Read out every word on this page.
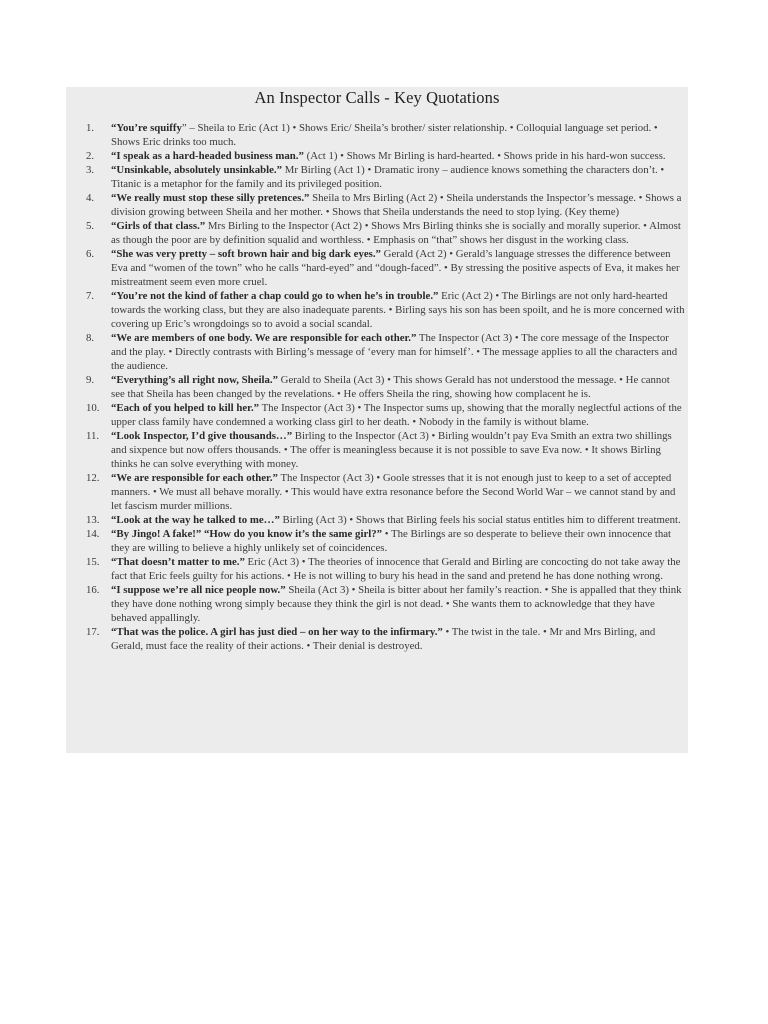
An Inspector Calls - Key Quotations
1.	“You’re squiffy” – Sheila to Eric (Act 1) • Shows Eric/ Sheila’s brother/ sister relationship. • Colloquial language set period. • Shows Eric drinks too much.
2.	“I speak as a hard-headed business man.” (Act 1) • Shows Mr Birling is hard-hearted. • Shows pride in his hard-won success.
3.	“Unsinkable, absolutely unsinkable.” Mr Birling (Act 1) • Dramatic irony – audience knows something the characters don’t. • Titanic is a metaphor for the family and its privileged position.
4.	“We really must stop these silly pretences.” Sheila to Mrs Birling (Act 2) • Sheila understands the Inspector’s message. • Shows a division growing between Sheila and her mother. • Shows that Sheila understands the need to stop lying. (Key theme)
5.	“Girls of that class.” Mrs Birling to the Inspector (Act 2) • Shows Mrs Birling thinks she is socially and morally superior. • Almost as though the poor are by definition squalid and worthless. • Emphasis on “that” shows her disgust in the working class.
6.	“She was very pretty – soft brown hair and big dark eyes.” Gerald (Act 2) • Gerald’s language stresses the difference between Eva and “women of the town” who he calls “hard-eyed” and “dough-faced”. • By stressing the positive aspects of Eva, it makes her mistreatment seem even more cruel.
7.	“You’re not the kind of father a chap could go to when he’s in trouble.” Eric (Act 2) • The Birlings are not only hard-hearted towards the working class, but they are also inadequate parents. • Birling says his son has been spoilt, and he is more concerned with covering up Eric’s wrongdoings so to avoid a social scandal.
8.	“We are members of one body. We are responsible for each other.” The Inspector (Act 3) • The core message of the Inspector and the play. • Directly contrasts with Birling’s message of ‘every man for himself’. • The message applies to all the characters and the audience.
9.	“Everything’s all right now, Sheila.” Gerald to Sheila (Act 3) • This shows Gerald has not understood the message. • He cannot see that Sheila has been changed by the revelations. • He offers Sheila the ring, showing how complacent he is.
10.	“Each of you helped to kill her.” The Inspector (Act 3) • The Inspector sums up, showing that the morally neglectful actions of the upper class family have condemned a working class girl to her death. • Nobody in the family is without blame.
11.	“Look Inspector, I’d give thousands…” Birling to the Inspector (Act 3) • Birling wouldn’t pay Eva Smith an extra two shillings and sixpence but now offers thousands. • The offer is meaningless because it is not possible to save Eva now. • It shows Birling thinks he can solve everything with money.
12.	“We are responsible for each other.” The Inspector (Act 3) • Goole stresses that it is not enough just to keep to a set of accepted manners. • We must all behave morally. • This would have extra resonance before the Second World War – we cannot stand by and let fascism murder millions.
13.	“Look at the way he talked to me…” Birling (Act 3) • Shows that Birling feels his social status entitles him to different treatment.
14.	“By Jingo! A fake!” “How do you know it’s the same girl?” • The Birlings are so desperate to believe their own innocence that they are willing to believe a highly unlikely set of coincidences.
15.	“That doesn’t matter to me.” Eric (Act 3) • The theories of innocence that Gerald and Birling are concocting do not take away the fact that Eric feels guilty for his actions. • He is not willing to bury his head in the sand and pretend he has done nothing wrong.
16.	“I suppose we’re all nice people now.” Sheila (Act 3) • Sheila is bitter about her family’s reaction. • She is appalled that they think they have done nothing wrong simply because they think the girl is not dead. • She wants them to acknowledge that they have behaved appallingly.
17.	“That was the police. A girl has just died – on her way to the infirmary.” • The twist in the tale. • Mr and Mrs Birling, and Gerald, must face the reality of their actions. • Their denial is destroyed.
